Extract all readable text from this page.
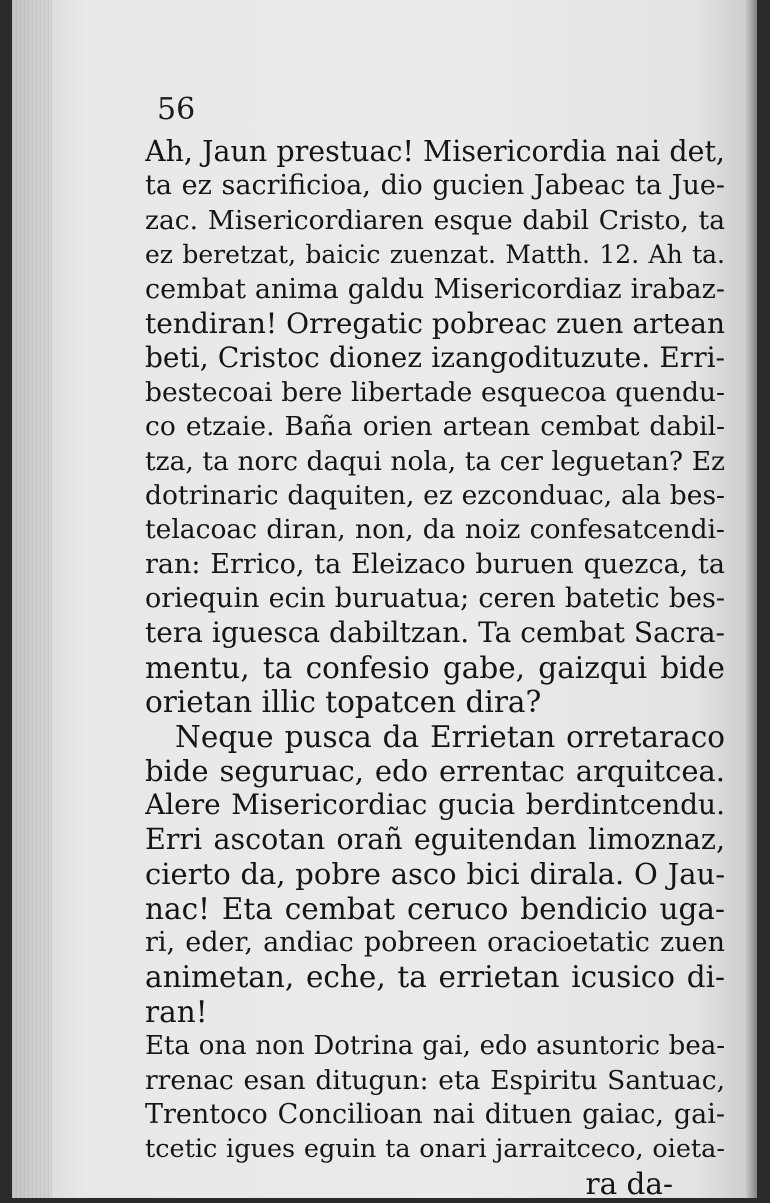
56
Ah, Jaun prestuac! Misericordia nai det,
ta ez sacrificioa, dio gucien Jabeac ta Jue-
zac. Misericordiaren esque dabil Cristo, ta
ez beretzat, baicic zuenzat. Matth. 12. Ah ta.
cembat anima galdu Misericordiaz irabaz-
tendiran! Orregatic pobreac zuen artean
beti, Cristoc dionez izangodituzute. Erri-
bestecoai bere libertade esquecoa quendu-
co etzaie. Baña orien artean cembat dabil-
tza, ta norc daqui nola, ta cer leguetan? Ez
dotrinaric daquiten, ez ezconduac, ala bes-
telacoac diran, non, da noiz confesatcendi-
ran: Errico, ta Eleizaco buruen quezca, ta
oriequin ecin buruatua; ceren batetic bes-
tera iguesca dabiltzan. Ta cembat Sacra-
mentu, ta confesio gabe, gaizqui bide
orietan illic topatcen dira?
Neque pusca da Errietan orretaraco
bide seguruac, edo errentac arquitcea.
Alere Misericordiac gucia berdintcendu.
Erri ascotan orañ eguitendan limoznaz,
cierto da, pobre asco bici dirala. O Jau-
nac! Eta cembat ceruco bendicio uga-
ri, eder, andiac pobreen oracioetatic zuen
animetan, eche, ta errietan icusico di-
ran!
Eta ona non Dotrina gai, edo asuntoric bea-
rrenac esan ditugun: eta Espiritu Santuac,
Trentoco Concilioan nai dituen gaiac, gai-
tcetic igues eguin ta onari jarraitceco, oieta-
ra da-
